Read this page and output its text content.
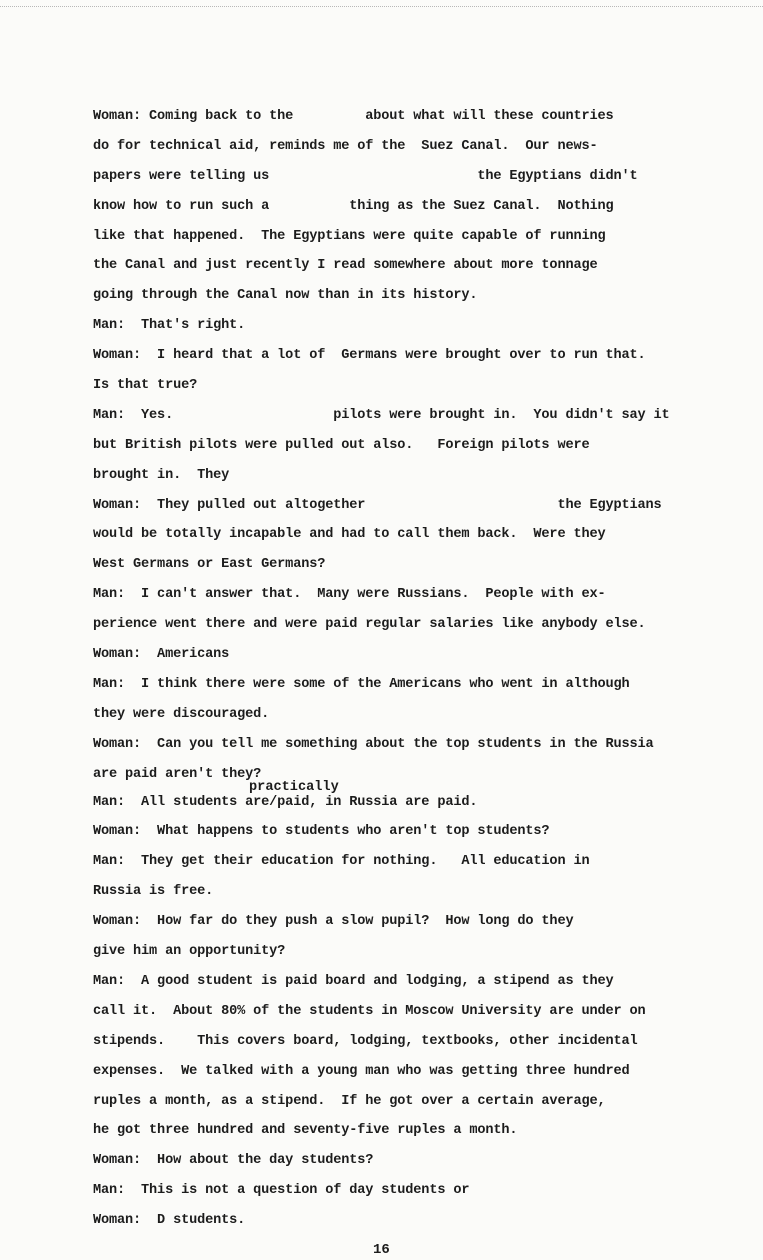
Woman: Coming back to the         about what will these countries
do for technical aid, reminds me of the  Suez Canal.  Our news-
papers were telling us                          the Egyptians didn't
know how to run such a          thing as the Suez Canal.  Nothing
like that happened.  The Egyptians were quite capable of running
the Canal and just recently I read somewhere about more tonnage
going through the Canal now than in its history.
Man:  That's right.
Woman:  I heard that a lot of  Germans were brought over to run that.
Is that true?
Man:  Yes.                    pilots were brought in.  You didn't say it
but British pilots were pulled out also.   Foreign pilots were
brought in.  They
Woman:  They pulled out altogether                        the Egyptians
would be totally incapable and had to call them back.  Were they
West Germans or East Germans?
Man:  I can't answer that.  Many were Russians.  People with ex-
perience went there and were paid regular salaries like anybody else.
Woman:  Americans
Man:  I think there were some of the Americans who went in although
they were discouraged.
Woman:  Can you tell me something about the top students in the Russia
are paid aren't they?
practically
Man:  All students are/paid, in Russia are paid.
Woman:  What happens to students who aren't top students?
Man:  They get their education for nothing.   All education in
Russia is free.
Woman:  How far do they push a slow pupil?  How long do they
give him an opportunity?
Man:  A good student is paid board and lodging, a stipend as they
call it.  About 80% of the students in Moscow University are under on
stipends.    This covers board, lodging, textbooks, other incidental
expenses.  We talked with a young man who was getting three hundred
ruples a month, as a stipend.  If he got over a certain average,
he got three hundred and seventy-five ruples a month.
Woman:  How about the day students?
Man:  This is not a question of day students or
Woman:  D students.
16
